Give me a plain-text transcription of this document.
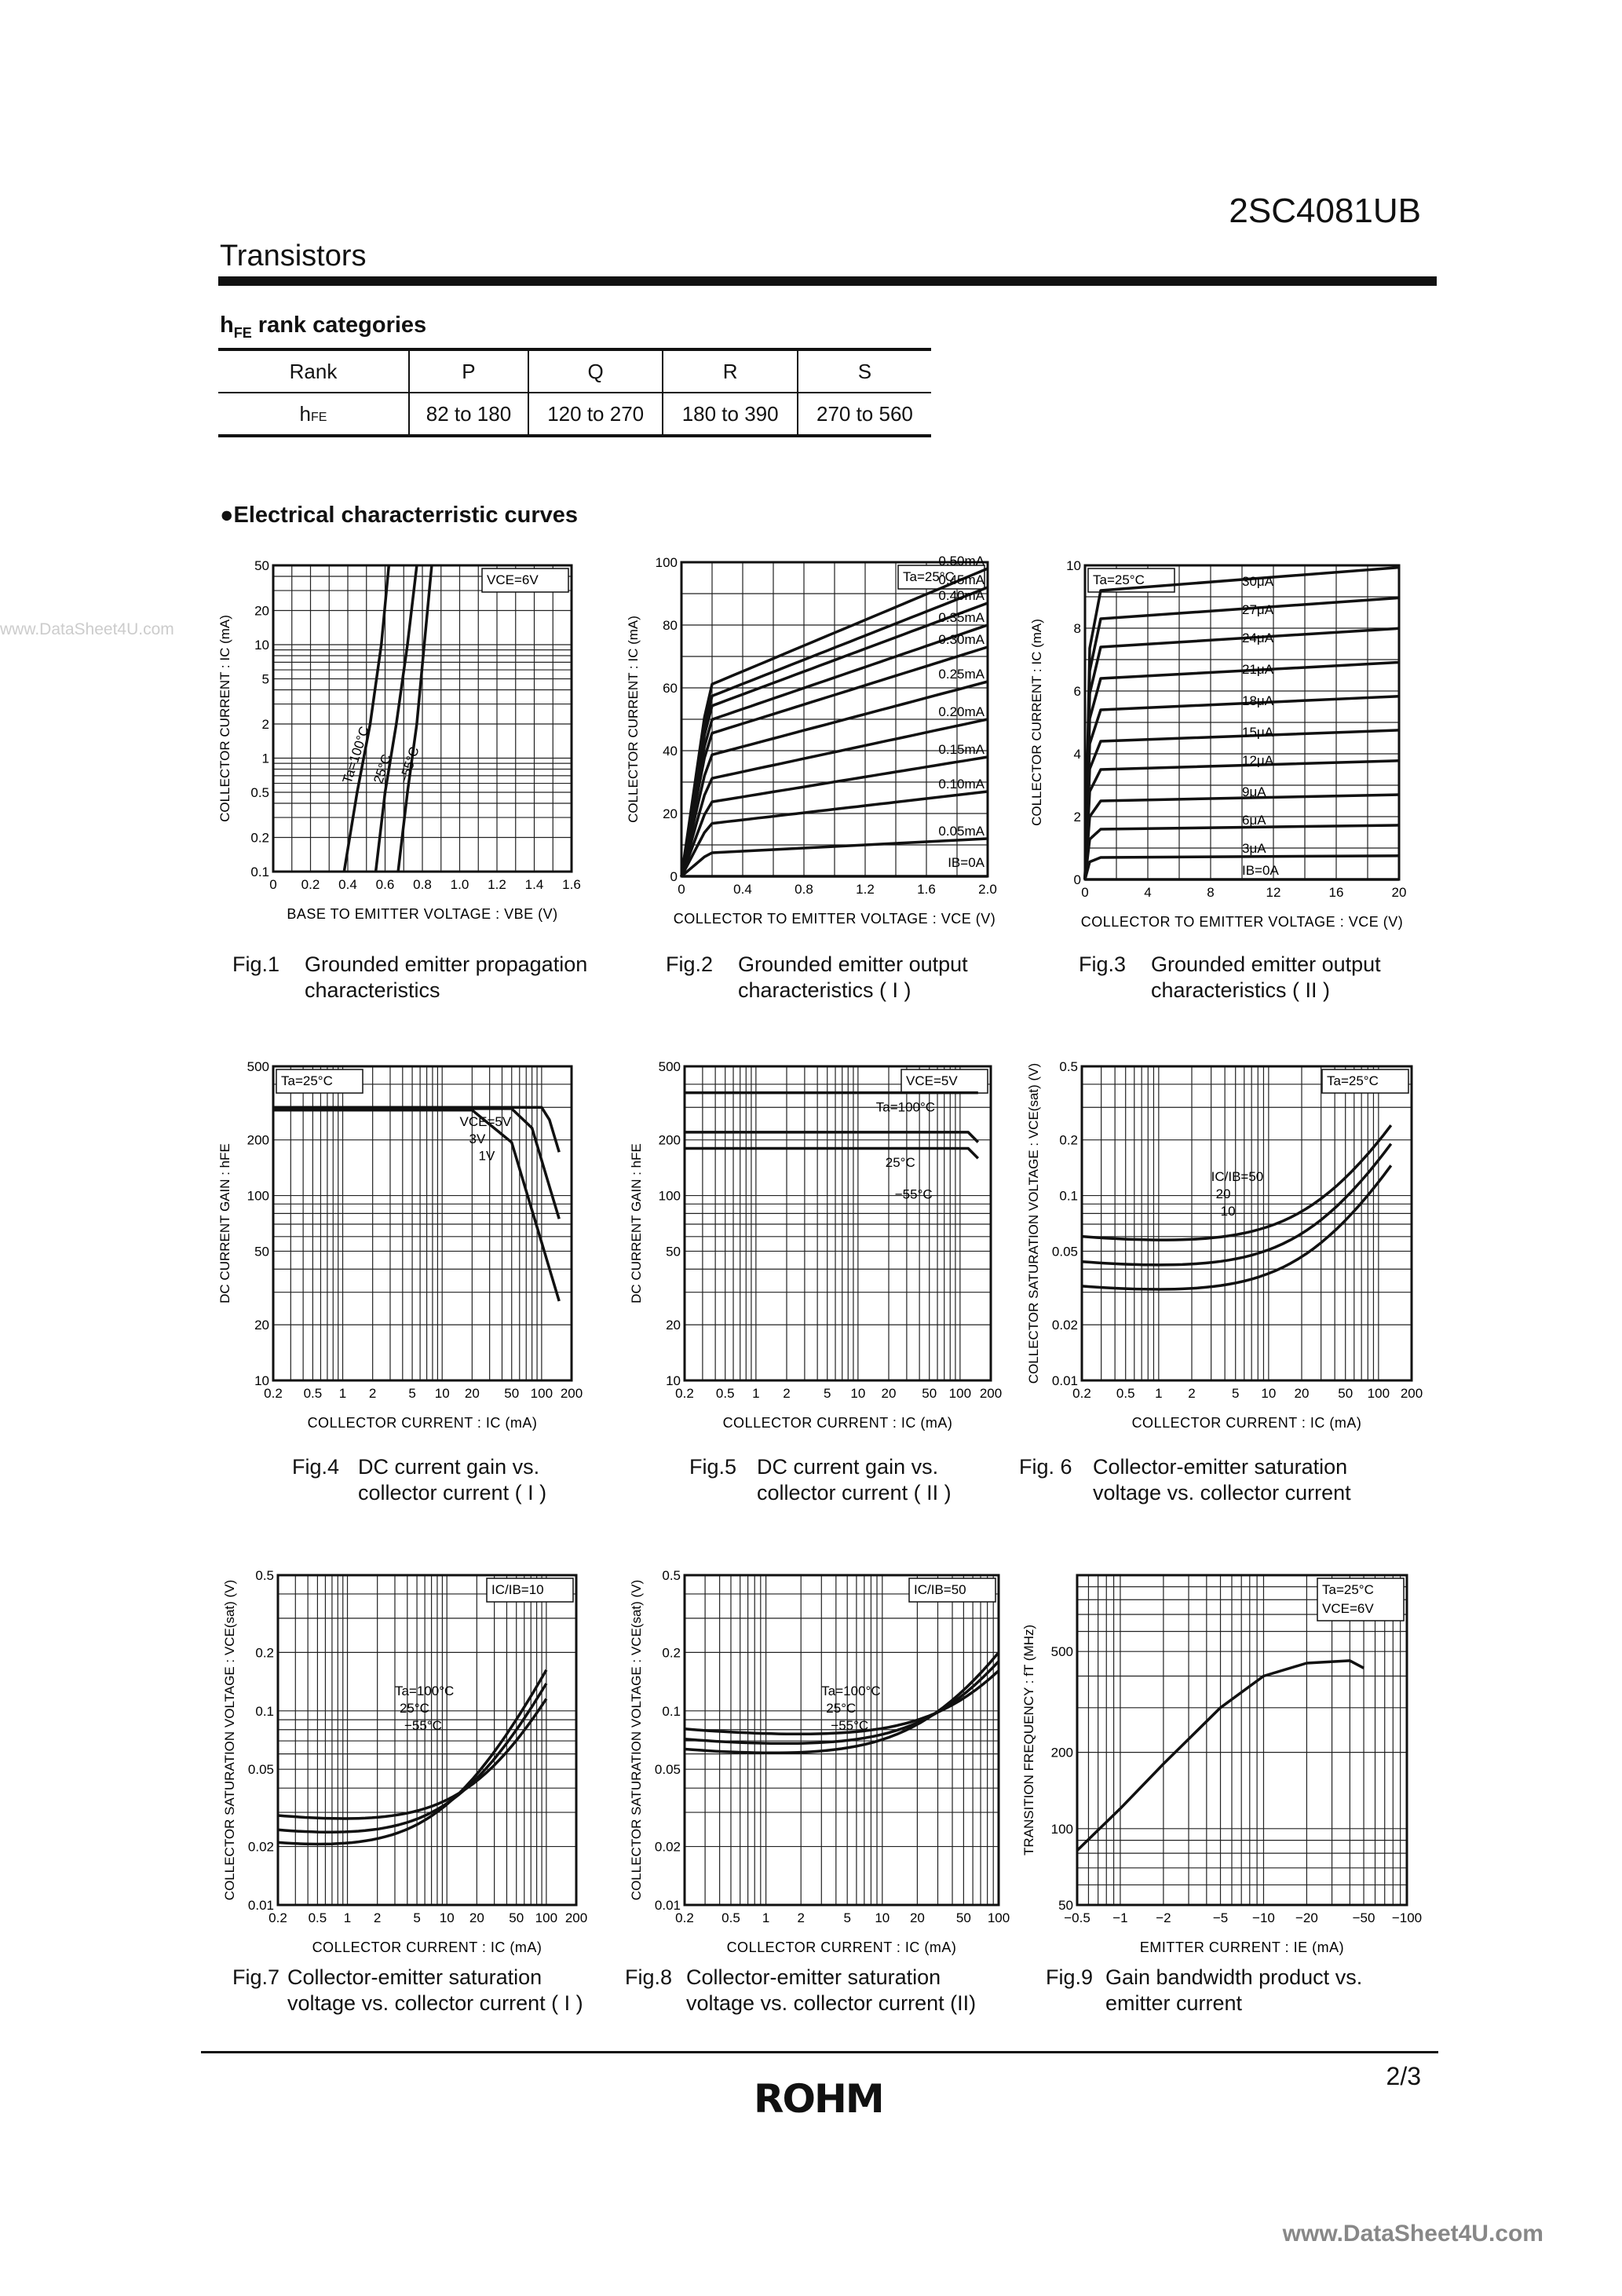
2SC4081UB
Transistors
www.DataSheet4U.com
$h_{FE}$ rank categories
Rank	P	Q	R	S
hFE	82 to 180	120 to 270	180 to 390	270 to 560
●Electrical characterristic curves
0 0.2 0.4 0.6 0.8 1.0 1.2 1.4 1.6
0.1
0.2
0.5
1
2
5
10
20
50
BASE TO EMITTER VOLTAGE : VBE (V)
COLLECTOR CURRENT : IC (mA)
VCE=6V
Ta=100°C
25°C −55°C
0	0.4	0.8	1.2	1.6	2.0
0
20
40
60
80
100
COLLECTOR TO EMITTER VOLTAGE : VCE (V)
COLLECTOR CURRENT : IC (mA)
Ta=25°C
0.50mA
0.45mA
0.40mA
0.35mA
0.30mA
0.25mA
0.20mA
0.15mA
0.10mA
0.05mA
IB=0A
0	4	8	12	16	20
0
2
4
6
8
10
COLLECTOR TO EMITTER VOLTAGE : VCE (V)
COLLECTOR CURRENT : IC (mA)
Ta=25°C	30μA
27μA
24μA
21μA
18μA
15μA
12μA
9μA
6μA
3μA
IB=0A
0.2 0.5 1 2 5 10 20 50 100 200
10
20
50
100
200
500
COLLECTOR CURRENT : IC (mA)
DC CURRENT GAIN : hFE
Ta=25°C
VCE=5V
3V
1V
0.2 0.5 1 2 5 10 20 50 100 200
10
20
50
100
200
500
COLLECTOR CURRENT : IC (mA)
DC CURRENT GAIN : hFE
VCE=5V
Ta=100°C
25°C
−55°C
0.2 0.5 1 2	5 10 20 50 100 200
0.01
0.02
0.05
0.1
0.2
0.5
COLLECTOR CURRENT : IC (mA)
COLLECTOR SATURATION VOLTAGE : VCE(sat) (V)	Ta=25°C
IC/IB=50
20
10
0.2 0.5 1 2 5 10 20 50 100 200
0.01
0.02
0.05
0.1
0.2
0.5
COLLECTOR CURRENT : IC (mA)
COLLECTOR SATURATION VOLTAGE : VCE(sat) (V)	IC/IB=10
Ta=100°C
25°C
−55°C
0.2 0.5 1 2	5 10 20 50 100
0.01
0.02
0.05
0.1
0.2
0.5
COLLECTOR CURRENT : IC (mA)
COLLECTOR SATURATION VOLTAGE : VCE(sat) (V)	IC/IB=50
Ta=100°C
25°C
−55°C
−0.5 −1 −2	−5 −10 −20	−50 −100
50
100
200
500
EMITTER CURRENT : IE (mA)
TRANSITION FREQUENCY : fT (MHz)
Ta=25°C
VCE=6V
Fig.1 Grounded emitter propagation
characteristics
Fig.2 Grounded emitter output
characteristics ( I )
Fig.3 Grounded emitter output
characteristics ( II )
Fig.4 DC current gain vs.
collector current ( I )
Fig.5 DC current gain vs.
collector current ( II )
Fig. 6 Collector-emitter saturation
voltage vs. collector current
Fig.7 Collector-emitter saturation
voltage vs. collector current ( I )
Fig.8 Collector-emitter saturation
voltage vs. collector current (II)
Fig.9 Gain bandwidth product vs.
emitter current
2/3
ROHM
www.DataSheet4U.com
